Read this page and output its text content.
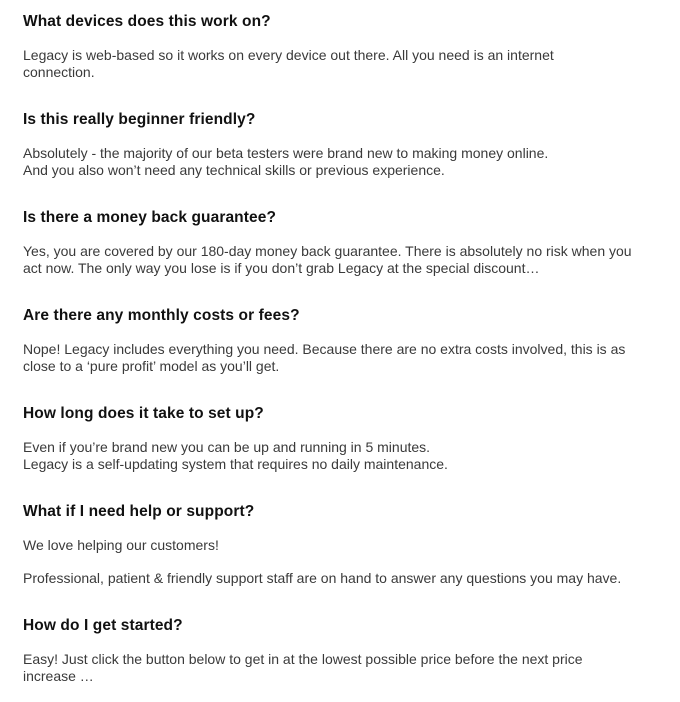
What devices does this work on?

Legacy is web-based so it works on every device out there. All you need is an internet
connection.

Is this really beginner friendly?

Absolutely - the majority of our beta testers were brand new to making money online.
And you also won’t need any technical skills or previous experience.

Is there a money back guarantee?

Yes, you are covered by our 180-day money back guarantee. There is absolutely no risk when you
act now. The only way you lose is if you don’t grab Legacy at the special discount…

Are there any monthly costs or fees?

Nope! Legacy includes everything you need. Because there are no extra costs involved, this is as
close to a ‘pure profit’ model as you’ll get.

How long does it take to set up?

Even if you’re brand new you can be up and running in 5 minutes.
Legacy is a self-updating system that requires no daily maintenance.

What if I need help or support?

We love helping our customers!

Professional, patient & friendly support staff are on hand to answer any questions you may have.

How do I get started?

Easy! Just click the button below to get in at the lowest possible price before the next price
increase …
